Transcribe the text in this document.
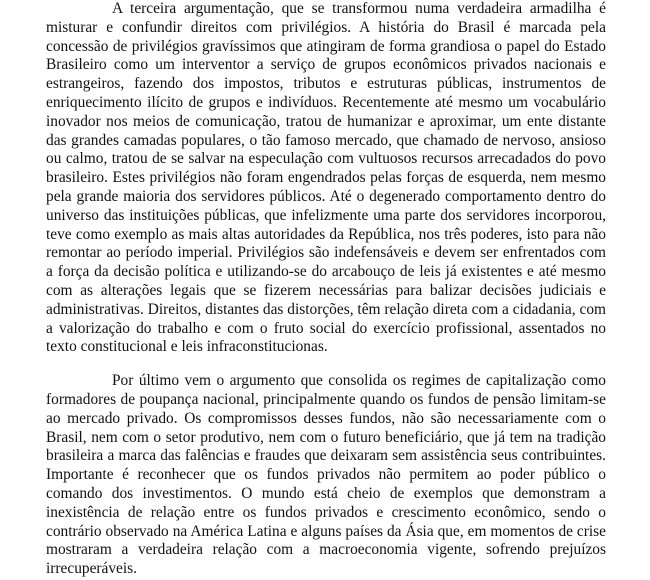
A terceira argumentação, que se transformou numa verdadeira armadilha é misturar e confundir direitos com privilégios. A história do Brasil é marcada pela concessão de privilégios gravíssimos que atingiram de forma grandiosa o papel do Estado Brasileiro como um interventor a serviço de grupos econômicos privados nacionais e estrangeiros, fazendo dos impostos, tributos e estruturas públicas, instrumentos de enriquecimento ilícito de grupos e indivíduos. Recentemente até mesmo um vocabulário inovador nos meios de comunicação, tratou de humanizar e aproximar, um ente distante das grandes camadas populares, o tão famoso mercado, que chamado de nervoso, ansioso ou calmo, tratou de se salvar na especulação com vultuosos recursos arrecadados do povo brasileiro. Estes privilégios não foram engendrados pelas forças de esquerda, nem mesmo pela grande maioria dos servidores públicos. Até o degenerado comportamento dentro do universo das instituições públicas, que infelizmente uma parte dos servidores incorporou, teve como exemplo as mais altas autoridades da República, nos três poderes, isto para não remontar ao período imperial. Privilégios são indefensáveis e devem ser enfrentados com a força da decisão política e utilizando-se do arcabouço de leis já existentes e até mesmo com as alterações legais que se fizerem necessárias para balizar decisões judiciais e administrativas. Direitos, distantes das distorções, têm relação direta com a cidadania, com a valorização do trabalho e com o fruto social do exercício profissional, assentados no texto constitucional e leis infraconstitucionas.

Por último vem o argumento que consolida os regimes de capitalização como formadores de poupança nacional, principalmente quando os fundos de pensão limitam-se ao mercado privado. Os compromissos desses fundos, não são necessariamente com o Brasil, nem com o setor produtivo, nem com o futuro beneficiário, que já tem na tradição brasileira a marca das falências e fraudes que deixaram sem assistência seus contribuintes. Importante é reconhecer que os fundos privados não permitem ao poder público o comando dos investimentos. O mundo está cheio de exemplos que demonstram a inexistência de relação entre os fundos privados e crescimento econômico, sendo o contrário observado na América Latina e alguns países da Ásia que, em momentos de crise mostraram a verdadeira relação com a macroeconomia vigente, sofrendo prejuízos irrecuperáveis.
